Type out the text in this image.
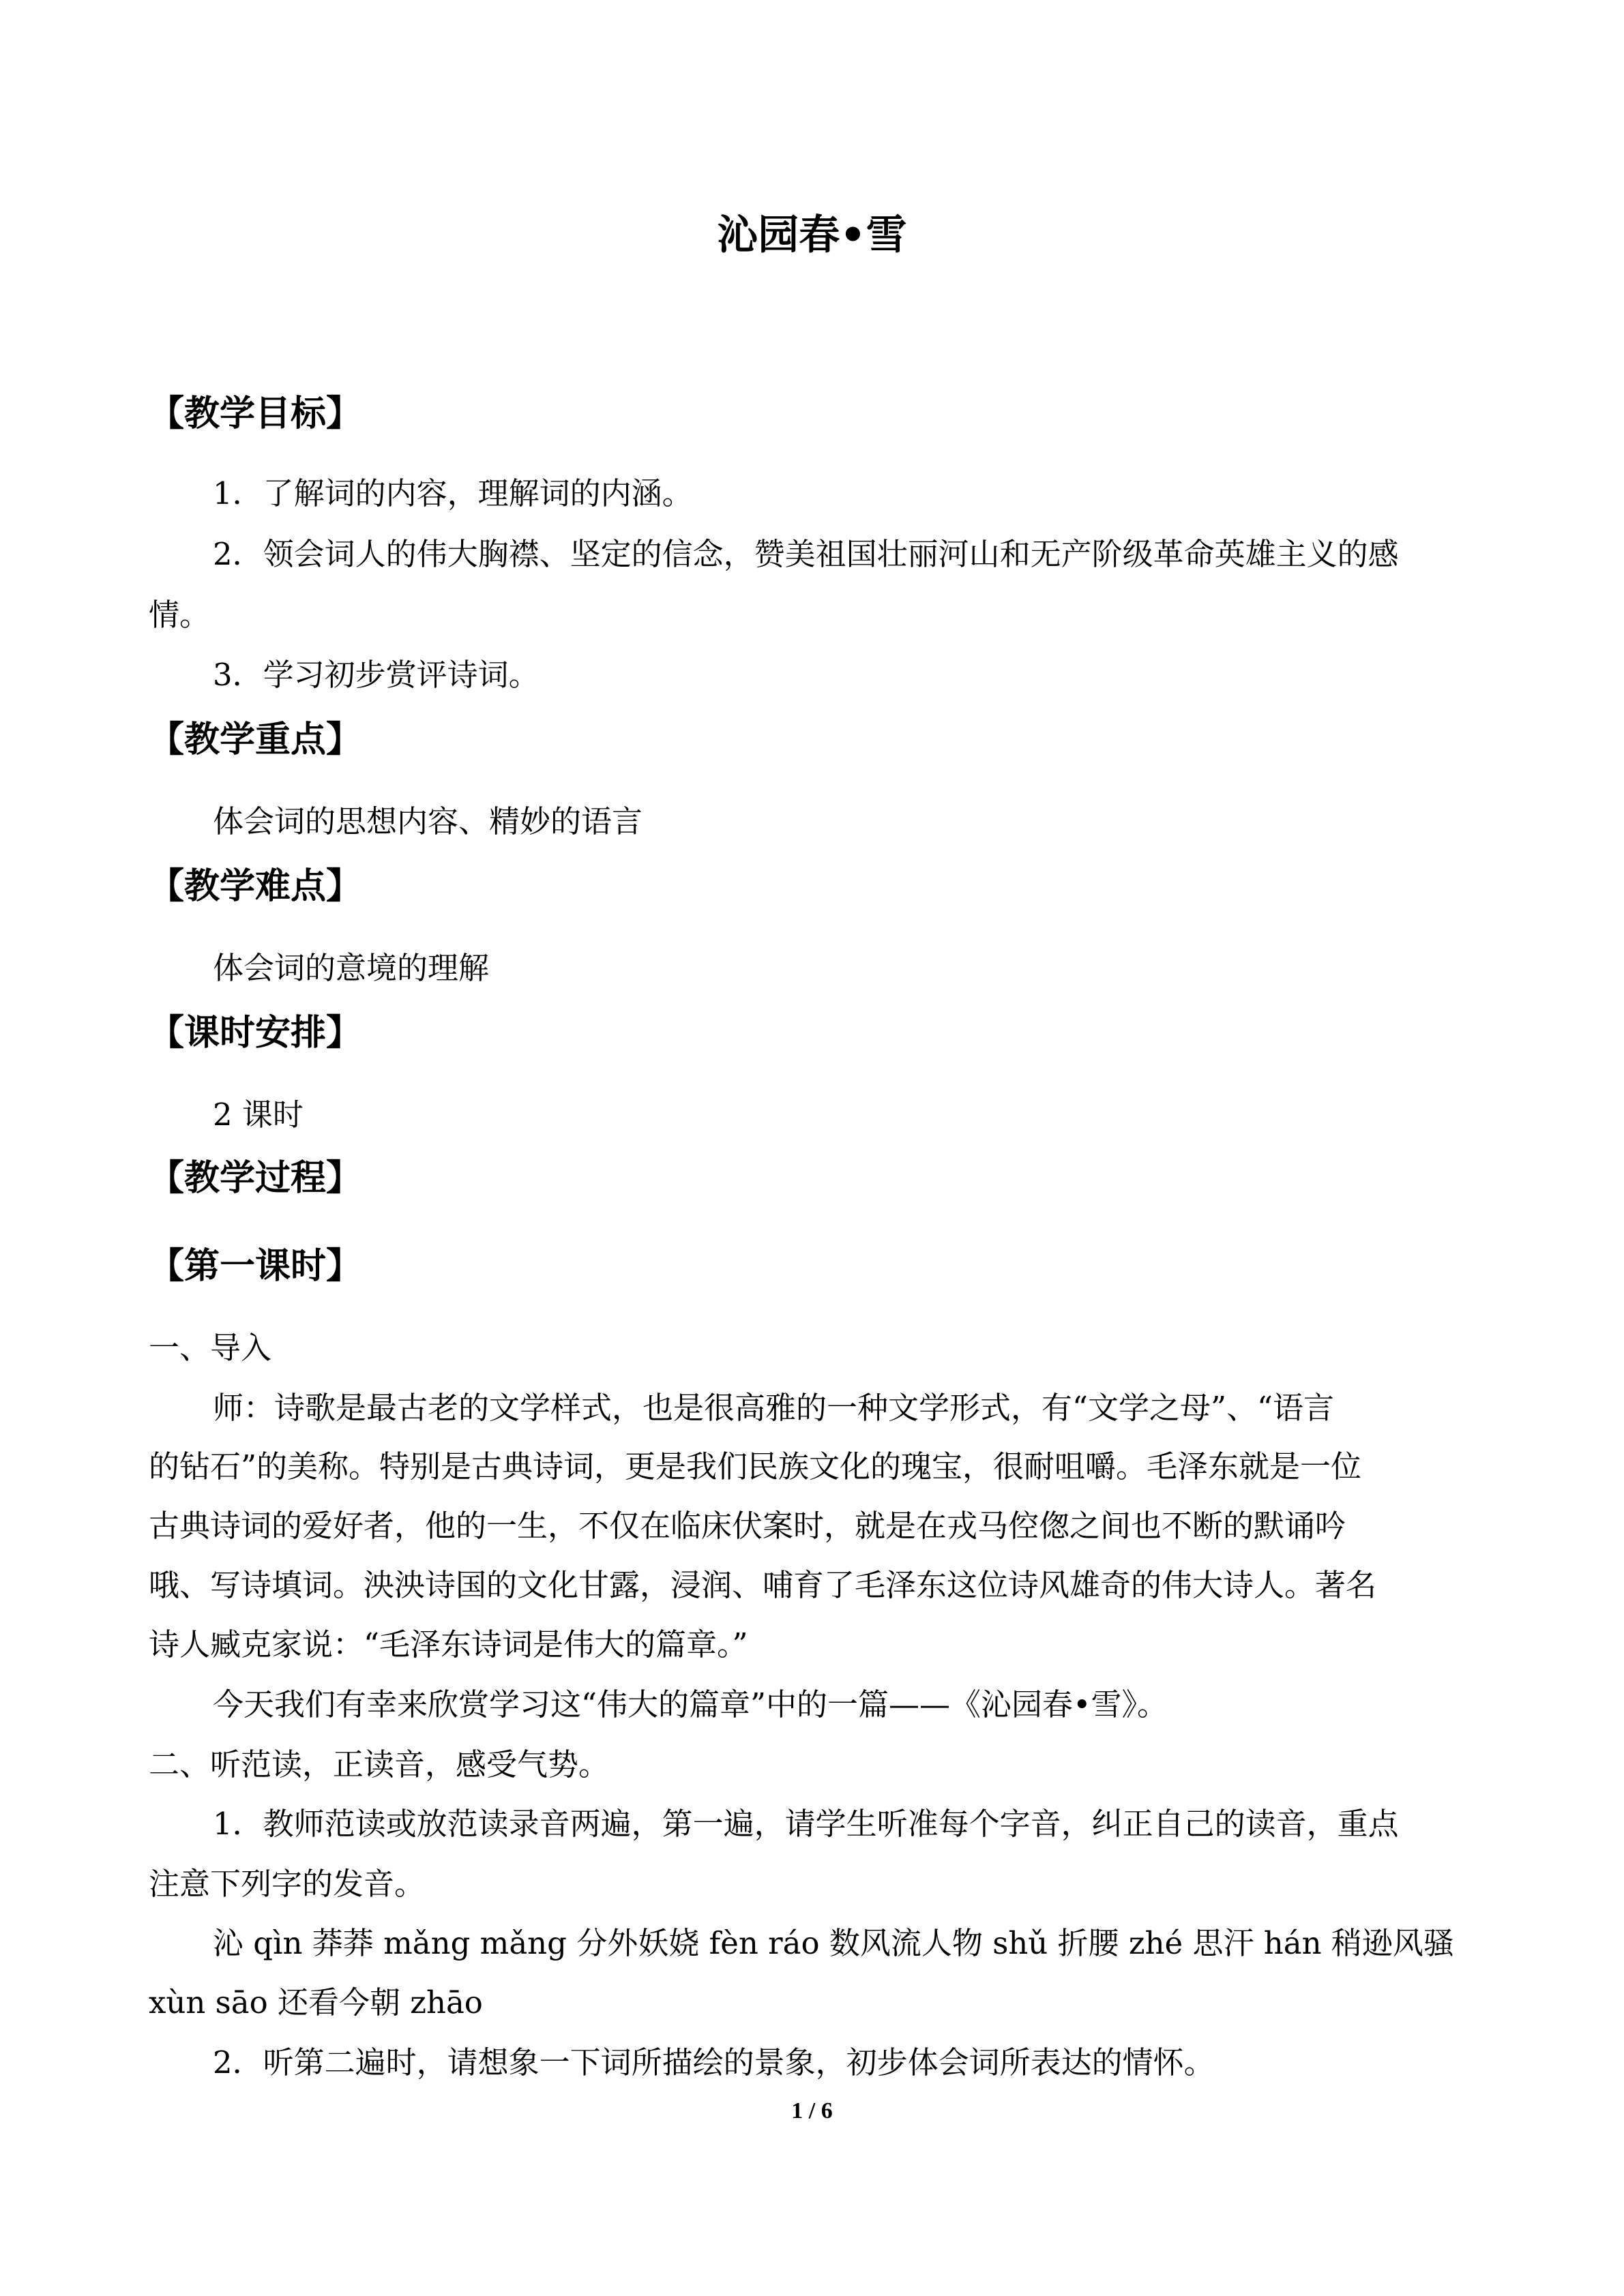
沁园春•雪
【教学目标】
1．了解词的内容，理解词的内涵。
2．领会词人的伟大胸襟、坚定的信念，赞美祖国壮丽河山和无产阶级革命英雄主义的感
情。
3．学习初步赏评诗词。
【教学重点】
体会词的思想内容、精妙的语言
【教学难点】
体会词的意境的理解
【课时安排】
2 课时
【教学过程】
【第一课时】
一、导入
师：诗歌是最古老的文学样式，也是很高雅的一种文学形式，有“文学之母”、“语言
的钻石”的美称。特别是古典诗词，更是我们民族文化的瑰宝，很耐咀嚼。毛泽东就是一位
古典诗词的爱好者，他的一生，不仅在临床伏案时，就是在戎马倥偬之间也不断的默诵吟
哦、写诗填词。泱泱诗国的文化甘露，浸润、哺育了毛泽东这位诗风雄奇的伟大诗人。著名
诗人臧克家说：“毛泽东诗词是伟大的篇章。”
今天我们有幸来欣赏学习这“伟大的篇章”中的一篇——《沁园春•雪》。
二、听范读，正读音，感受气势。
1．教师范读或放范读录音两遍，第一遍，请学生听准每个字音，纠正自己的读音，重点
注意下列字的发音。
沁 qìn 莽莽 mǎng mǎng 分外妖娆 fèn ráo 数风流人物 shǔ 折腰 zhé 思汗 hán 稍逊风骚
xùn sāo 还看今朝 zhāo
2．听第二遍时，请想象一下词所描绘的景象，初步体会词所表达的情怀。
1 / 6
